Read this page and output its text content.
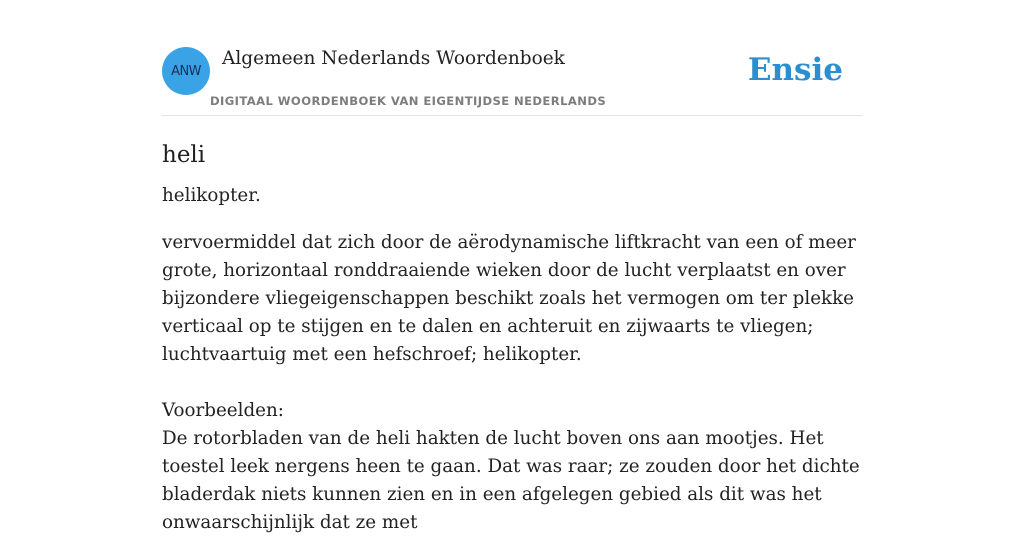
ANW
Algemeen Nederlands Woordenboek
DIGITAAL WOORDENBOEK VAN EIGENTIJDSE NEDERLANDS
Ensie
heli

helikopter.

vervoermiddel dat zich door de aërodynamische liftkracht van een of meer grote, horizontaal ronddraaiende wieken door de lucht verplaatst en over bijzondere vliegeigenschappen beschikt zoals het vermogen om ter plekke verticaal op te stijgen en te dalen en achteruit en zijwaarts te vliegen; luchtvaartuig met een hefschroef; helikopter.

Voorbeelden:
De rotorbladen van de heli hakten de lucht boven ons aan mootjes. Het toestel leek nergens heen te gaan. Dat was raar; ze zouden door het dichte bladerdak niets kunnen zien en in een afgelegen gebied als dit was het onwaarschijnlijk dat ze met
